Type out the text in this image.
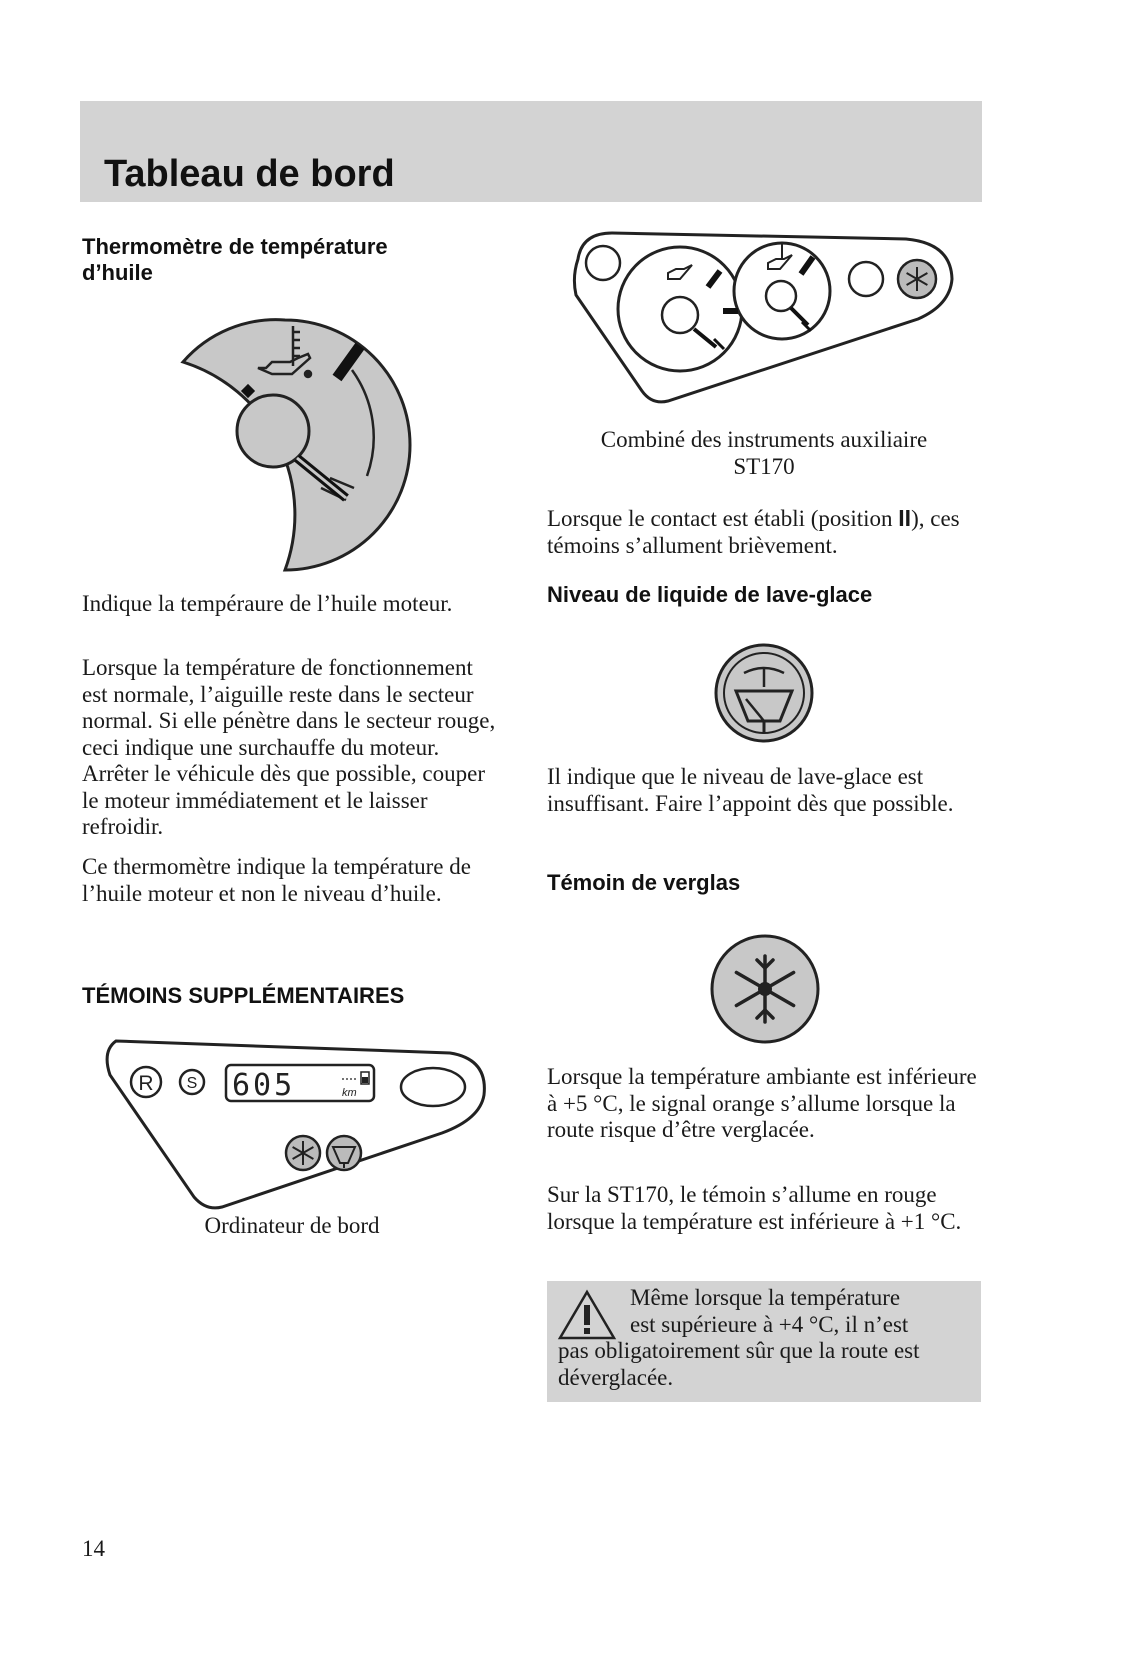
Tableau de bord
Thermomètre de température d’huile

Indique la tempéraure de l’huile moteur.

Lorsque la température de fonctionnement est normale, l’aiguille reste dans le secteur normal. Si elle pénètre dans le secteur rouge, ceci indique une surchauffe du moteur. Arrêter le véhicule dès que possible, couper le moteur immédiatement et le laisser refroidir.

Ce thermomètre indique la température de l’huile moteur et non le niveau d’huile.

TÉMOINS SUPPLÉMENTAIRES
R S 605	km

Ordinateur de bord

Combiné des instruments auxiliaire
ST170

Lorsque le contact est établi (position II), ces témoins s’allument brièvement.

Niveau de liquide de lave-glace

Il indique que le niveau de lave-glace est insuffisant. Faire l’appoint dès que possible.

Témoin de verglas

Lorsque la température ambiante est inférieure à +5 °C, le signal orange s’allume lorsque la route risque d’être verglacée.

Sur la ST170, le témoin s’allume en rouge lorsque la température est inférieure à +1 °C.

Même lorsque la température
est supérieure à +4 °C, il n’est
pas obligatoirement sûr que la route est déverglacée.

14
